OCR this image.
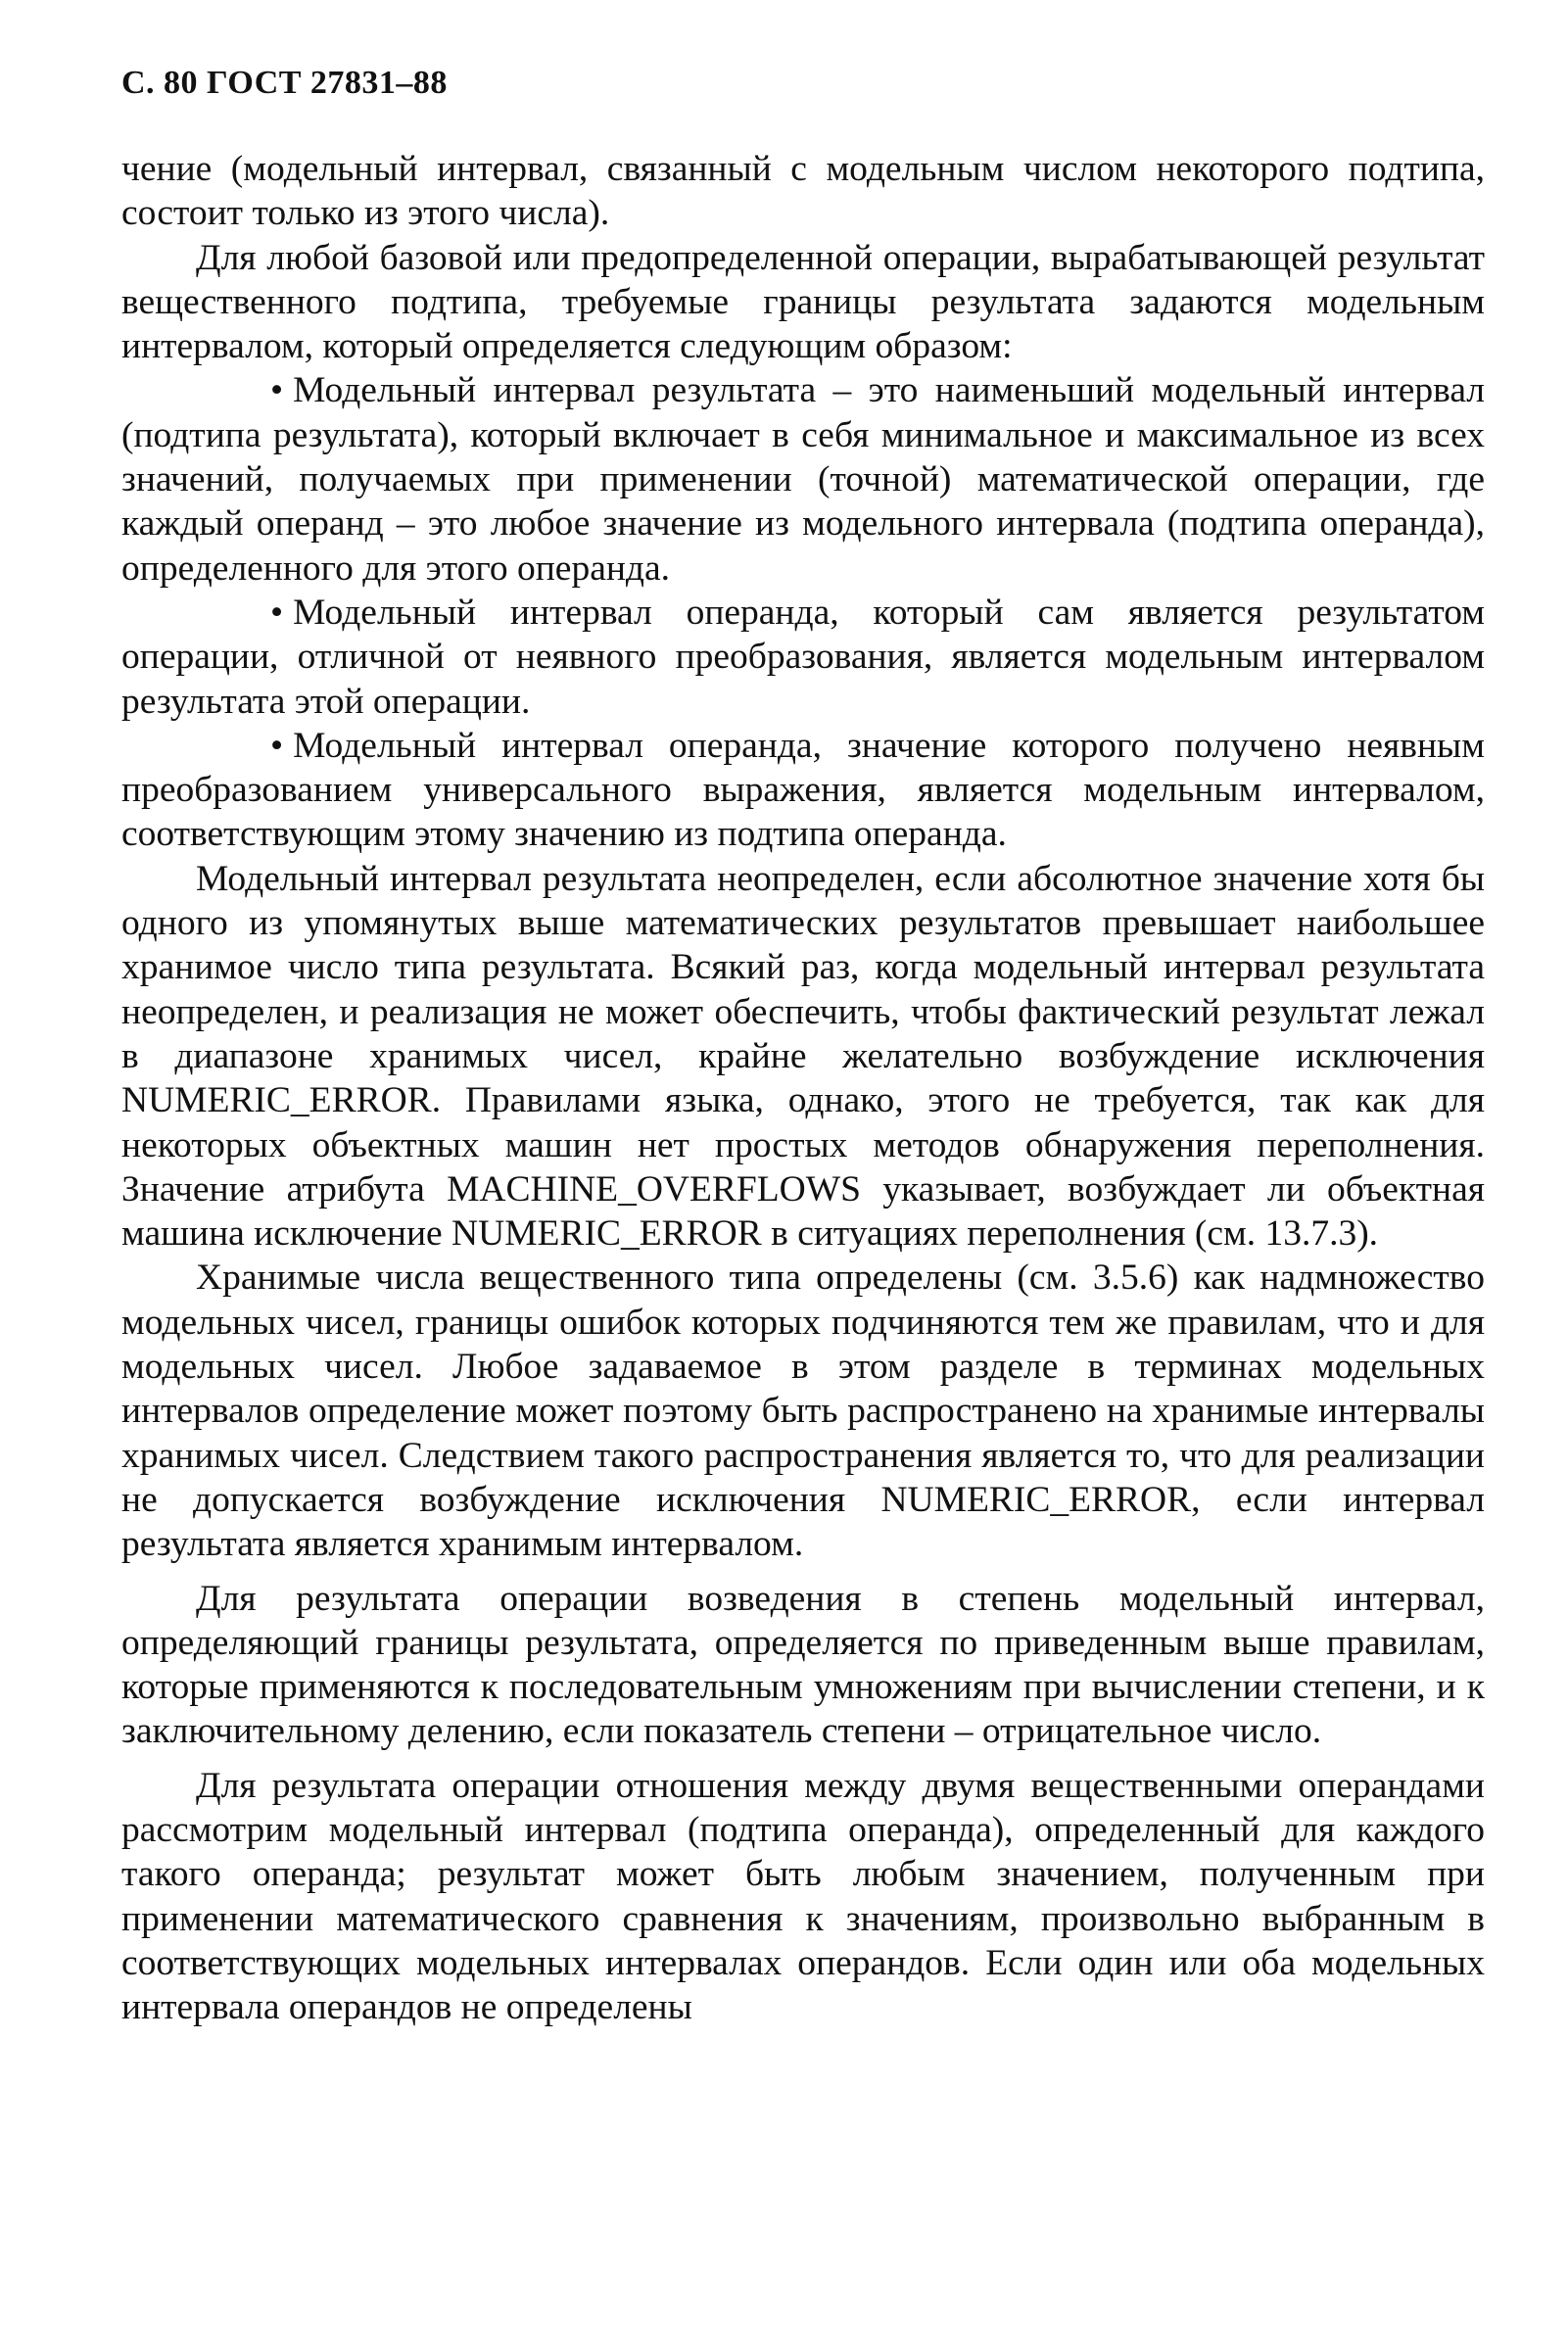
С. 80 ГОСТ 27831–88

чение (модельный интервал, связанный с модельным числом некоторого подтипа, состоит только из этого числа).

Для любой базовой или предопределенной операции, вырабатывающей результат вещественного подтипа, требуемые границы результата задаются модельным интервалом, который определяется следующим образом:

• Модельный интервал результата – это наименьший модельный интервал (подтипа результата), который включает в себя минимальное и максимальное из всех значений, получаемых при применении (точной) математической операции, где каждый операнд – это любое значение из модельного интервала (подтипа операнда), определенного для этого операнда.

• Модельный интервал операнда, который сам является результатом операции, отличной от неявного преобразования, является модельным интервалом результата этой операции.

• Модельный интервал операнда, значение которого получено неявным преобразованием универсального выражения, является модельным интервалом, соответствующим этому значению из подтипа операнда.

Модельный интервал результата неопределен, если абсолютное значение хотя бы одного из упомянутых выше математических результатов превышает наибольшее хранимое число типа результата. Всякий раз, когда модельный интервал результата неопределен, и реализация не может обеспечить, чтобы фактический результат лежал в диапазоне хранимых чисел, крайне желательно возбуждение исключения NUMERIC_ERROR. Правилами языка, однако, этого не требуется, так как для некоторых объектных машин нет простых методов обнаружения переполнения. Значение атрибута MACHINE_OVERFLOWS указывает, возбуждает ли объектная машина исключение NUMERIC_ERROR в ситуациях переполнения (см. 13.7.3).

Хранимые числа вещественного типа определены (см. 3.5.6) как надмножество модельных чисел, границы ошибок которых подчиняются тем же правилам, что и для модельных чисел. Любое задаваемое в этом разделе в терминах модельных интервалов определение может поэтому быть распространено на хранимые интервалы хранимых чисел. Следствием такого распространения является то, что для реализации не допускается возбуждение исключения NUMERIC_ERROR, если интервал результата является хранимым интервалом.

Для результата операции возведения в степень модельный интервал, определяющий границы результата, определяется по приведенным выше правилам, которые применяются к последовательным умножениям при вычислении степени, и к заключительному делению, если показатель степени – отрицательное число.

Для результата операции отношения между двумя вещественными операндами рассмотрим модельный интервал (подтипа операнда), определенный для каждого такого операнда; результат может быть любым значением, полученным при применении математического сравнения к значениям, произвольно выбранным в соответствующих модельных интервалах операндов. Если один или оба модельных интервала операндов не определены
